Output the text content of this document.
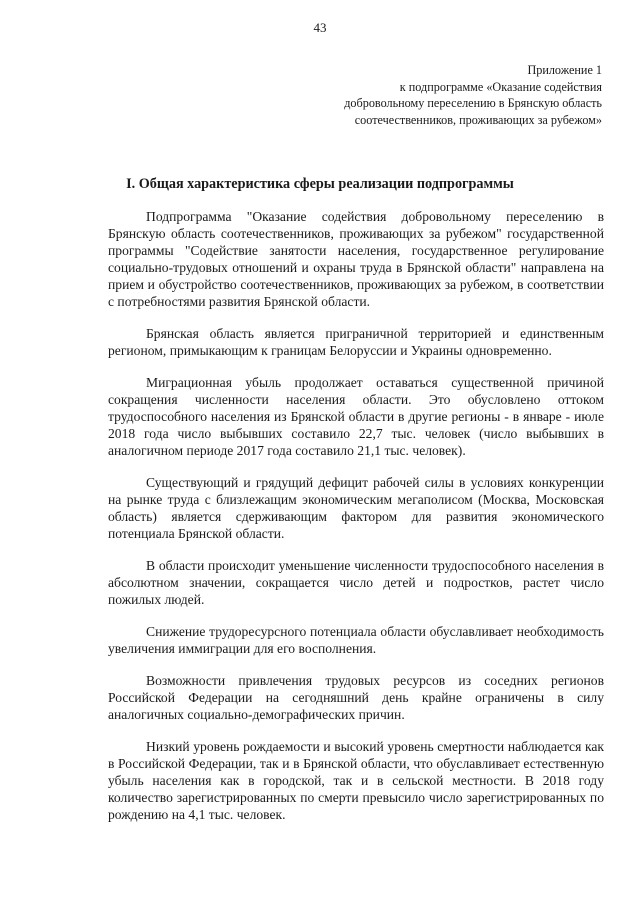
43
Приложение 1
к подпрограмме «Оказание содействия
добровольному переселению в Брянскую область
соотечественников, проживающих за рубежом»
I. Общая характеристика сферы реализации подпрограммы

Подпрограмма "Оказание содействия добровольному переселению в Брянскую область соотечественников, проживающих за рубежом" государственной программы "Содействие занятости населения, государственное регулирование социально-трудовых отношений и охраны труда в Брянской области" направлена на прием и обустройство соотечественников, проживающих за рубежом, в соответствии с потребностями развития Брянской области.

Брянская область является приграничной территорией и единственным регионом, примыкающим к границам Белоруссии и Украины одновременно.

Миграционная убыль продолжает оставаться существенной причиной сокращения численности населения области. Это обусловлено оттоком трудоспособного населения из Брянской области в другие регионы - в январе - июле 2018 года число выбывших составило 22,7 тыс. человек (число выбывших в аналогичном периоде 2017 года составило 21,1 тыс. человек).

Существующий и грядущий дефицит рабочей силы в условиях конкуренции на рынке труда с близлежащим экономическим мегаполисом (Москва, Московская область) является сдерживающим фактором для развития экономического потенциала Брянской области.

В области происходит уменьшение численности трудоспособного населения в абсолютном значении, сокращается число детей и подростков, растет число пожилых людей.

Снижение трудоресурсного потенциала области обуславливает необходимость увеличения иммиграции для его восполнения.

Возможности привлечения трудовых ресурсов из соседних регионов Российской Федерации на сегодняшний день крайне ограничены в силу аналогичных социально-демографических причин.

Низкий уровень рождаемости и высокий уровень смертности наблюдается как в Российской Федерации, так и в Брянской области, что обуславливает естественную убыль населения как в городской, так и в сельской местности. В 2018 году количество зарегистрированных по смерти превысило число зарегистрированных по рождению на 4,1 тыс. человек.
